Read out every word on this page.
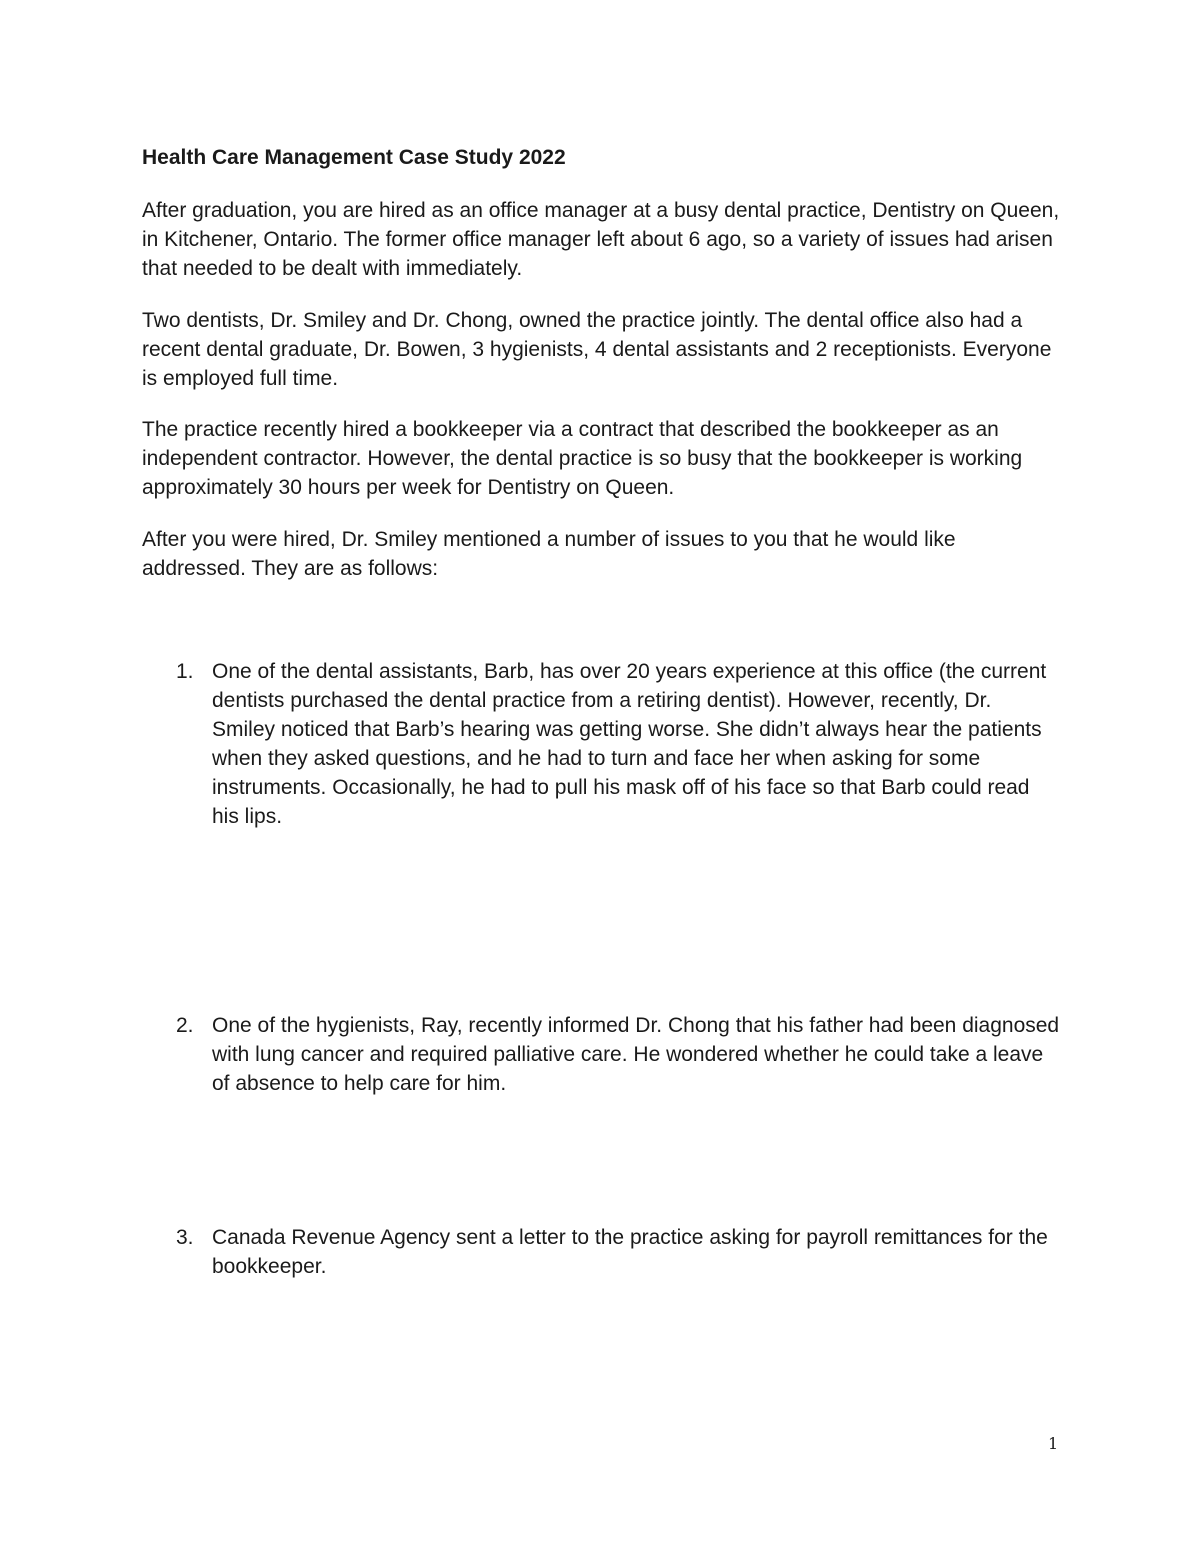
Health Care Management Case Study 2022

After graduation, you are hired as an office manager at a busy dental practice, Dentistry on Queen, in Kitchener, Ontario. The former office manager left about 6 ago, so a variety of issues had arisen that needed to be dealt with immediately.

Two dentists, Dr. Smiley and Dr. Chong, owned the practice jointly. The dental office also had a recent dental graduate, Dr. Bowen, 3 hygienists, 4 dental assistants and 2 receptionists. Everyone is employed full time.

The practice recently hired a bookkeeper via a contract that described the bookkeeper as an independent contractor. However, the dental practice is so busy that the bookkeeper is working approximately 30 hours per week for Dentistry on Queen.

After you were hired, Dr. Smiley mentioned a number of issues to you that he would like addressed. They are as follows:

1. One of the dental assistants, Barb, has over 20 years experience at this office (the current dentists purchased the dental practice from a retiring dentist). However, recently, Dr. Smiley noticed that Barb’s hearing was getting worse. She didn’t always hear the patients when they asked questions, and he had to turn and face her when asking for some instruments. Occasionally, he had to pull his mask off of his face so that Barb could read his lips.

2. One of the hygienists, Ray, recently informed Dr. Chong that his father had been diagnosed with lung cancer and required palliative care. He wondered whether he could take a leave of absence to help care for him.

3. Canada Revenue Agency sent a letter to the practice asking for payroll remittances for the bookkeeper.

1
